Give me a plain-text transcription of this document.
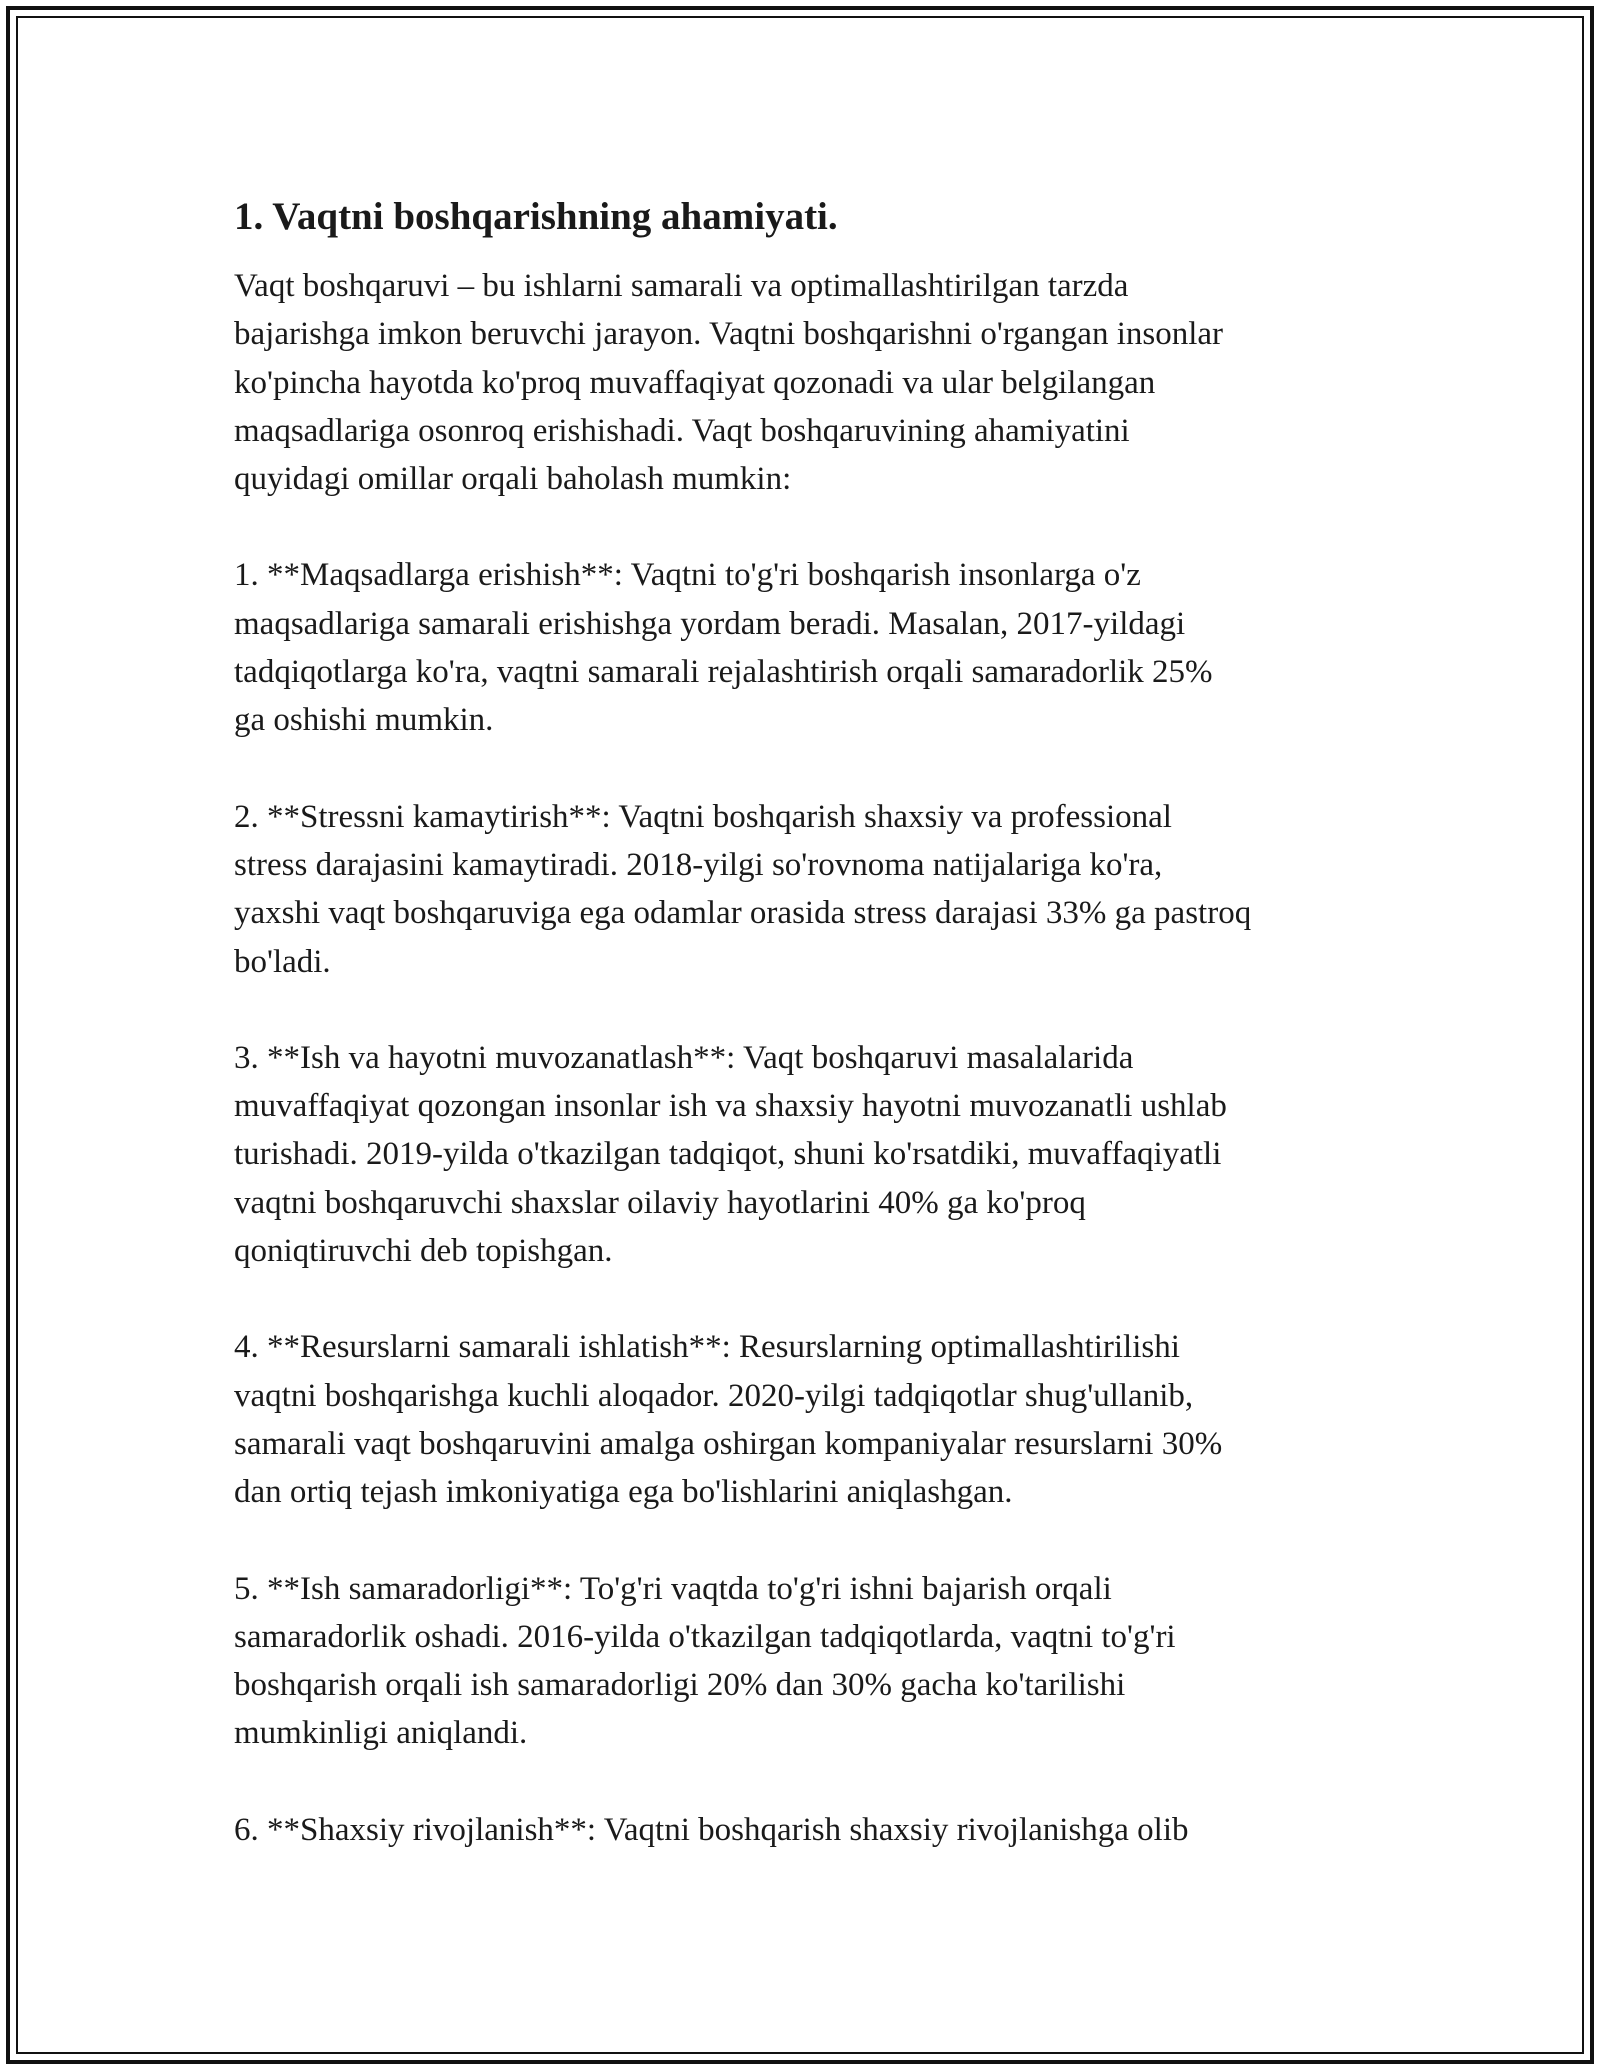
1. Vaqtni boshqarishning ahamiyati.

Vaqt boshqaruvi – bu ishlarni samarali va optimallashtirilgan tarzda
bajarishga imkon beruvchi jarayon. Vaqtni boshqarishni o'rgangan insonlar
ko'pincha hayotda ko'proq muvaffaqiyat qozonadi va ular belgilangan
maqsadlariga osonroq erishishadi. Vaqt boshqaruvining ahamiyatini
quyidagi omillar orqali baholash mumkin:

1. **Maqsadlarga erishish**: Vaqtni to'g'ri boshqarish insonlarga o'z
maqsadlariga samarali erishishga yordam beradi. Masalan, 2017-yildagi
tadqiqotlarga ko'ra, vaqtni samarali rejalashtirish orqali samaradorlik 25%
ga oshishi mumkin.

2. **Stressni kamaytirish**: Vaqtni boshqarish shaxsiy va professional
stress darajasini kamaytiradi. 2018-yilgi so'rovnoma natijalariga ko'ra,
yaxshi vaqt boshqaruviga ega odamlar orasida stress darajasi 33% ga pastroq
bo'ladi.

3. **Ish va hayotni muvozanatlash**: Vaqt boshqaruvi masalalarida
muvaffaqiyat qozongan insonlar ish va shaxsiy hayotni muvozanatli ushlab
turishadi. 2019-yilda o'tkazilgan tadqiqot, shuni ko'rsatdiki, muvaffaqiyatli
vaqtni boshqaruvchi shaxslar oilaviy hayotlarini 40% ga ko'proq
qoniqtiruvchi deb topishgan.

4. **Resurslarni samarali ishlatish**: Resurslarning optimallashtirilishi
vaqtni boshqarishga kuchli aloqador. 2020-yilgi tadqiqotlar shug'ullanib,
samarali vaqt boshqaruvini amalga oshirgan kompaniyalar resurslarni 30%
dan ortiq tejash imkoniyatiga ega bo'lishlarini aniqlashgan.

5. **Ish samaradorligi**: To'g'ri vaqtda to'g'ri ishni bajarish orqali
samaradorlik oshadi. 2016-yilda o'tkazilgan tadqiqotlarda, vaqtni to'g'ri
boshqarish orqali ish samaradorligi 20% dan 30% gacha ko'tarilishi
mumkinligi aniqlandi.

6. **Shaxsiy rivojlanish**: Vaqtni boshqarish shaxsiy rivojlanishga olib
